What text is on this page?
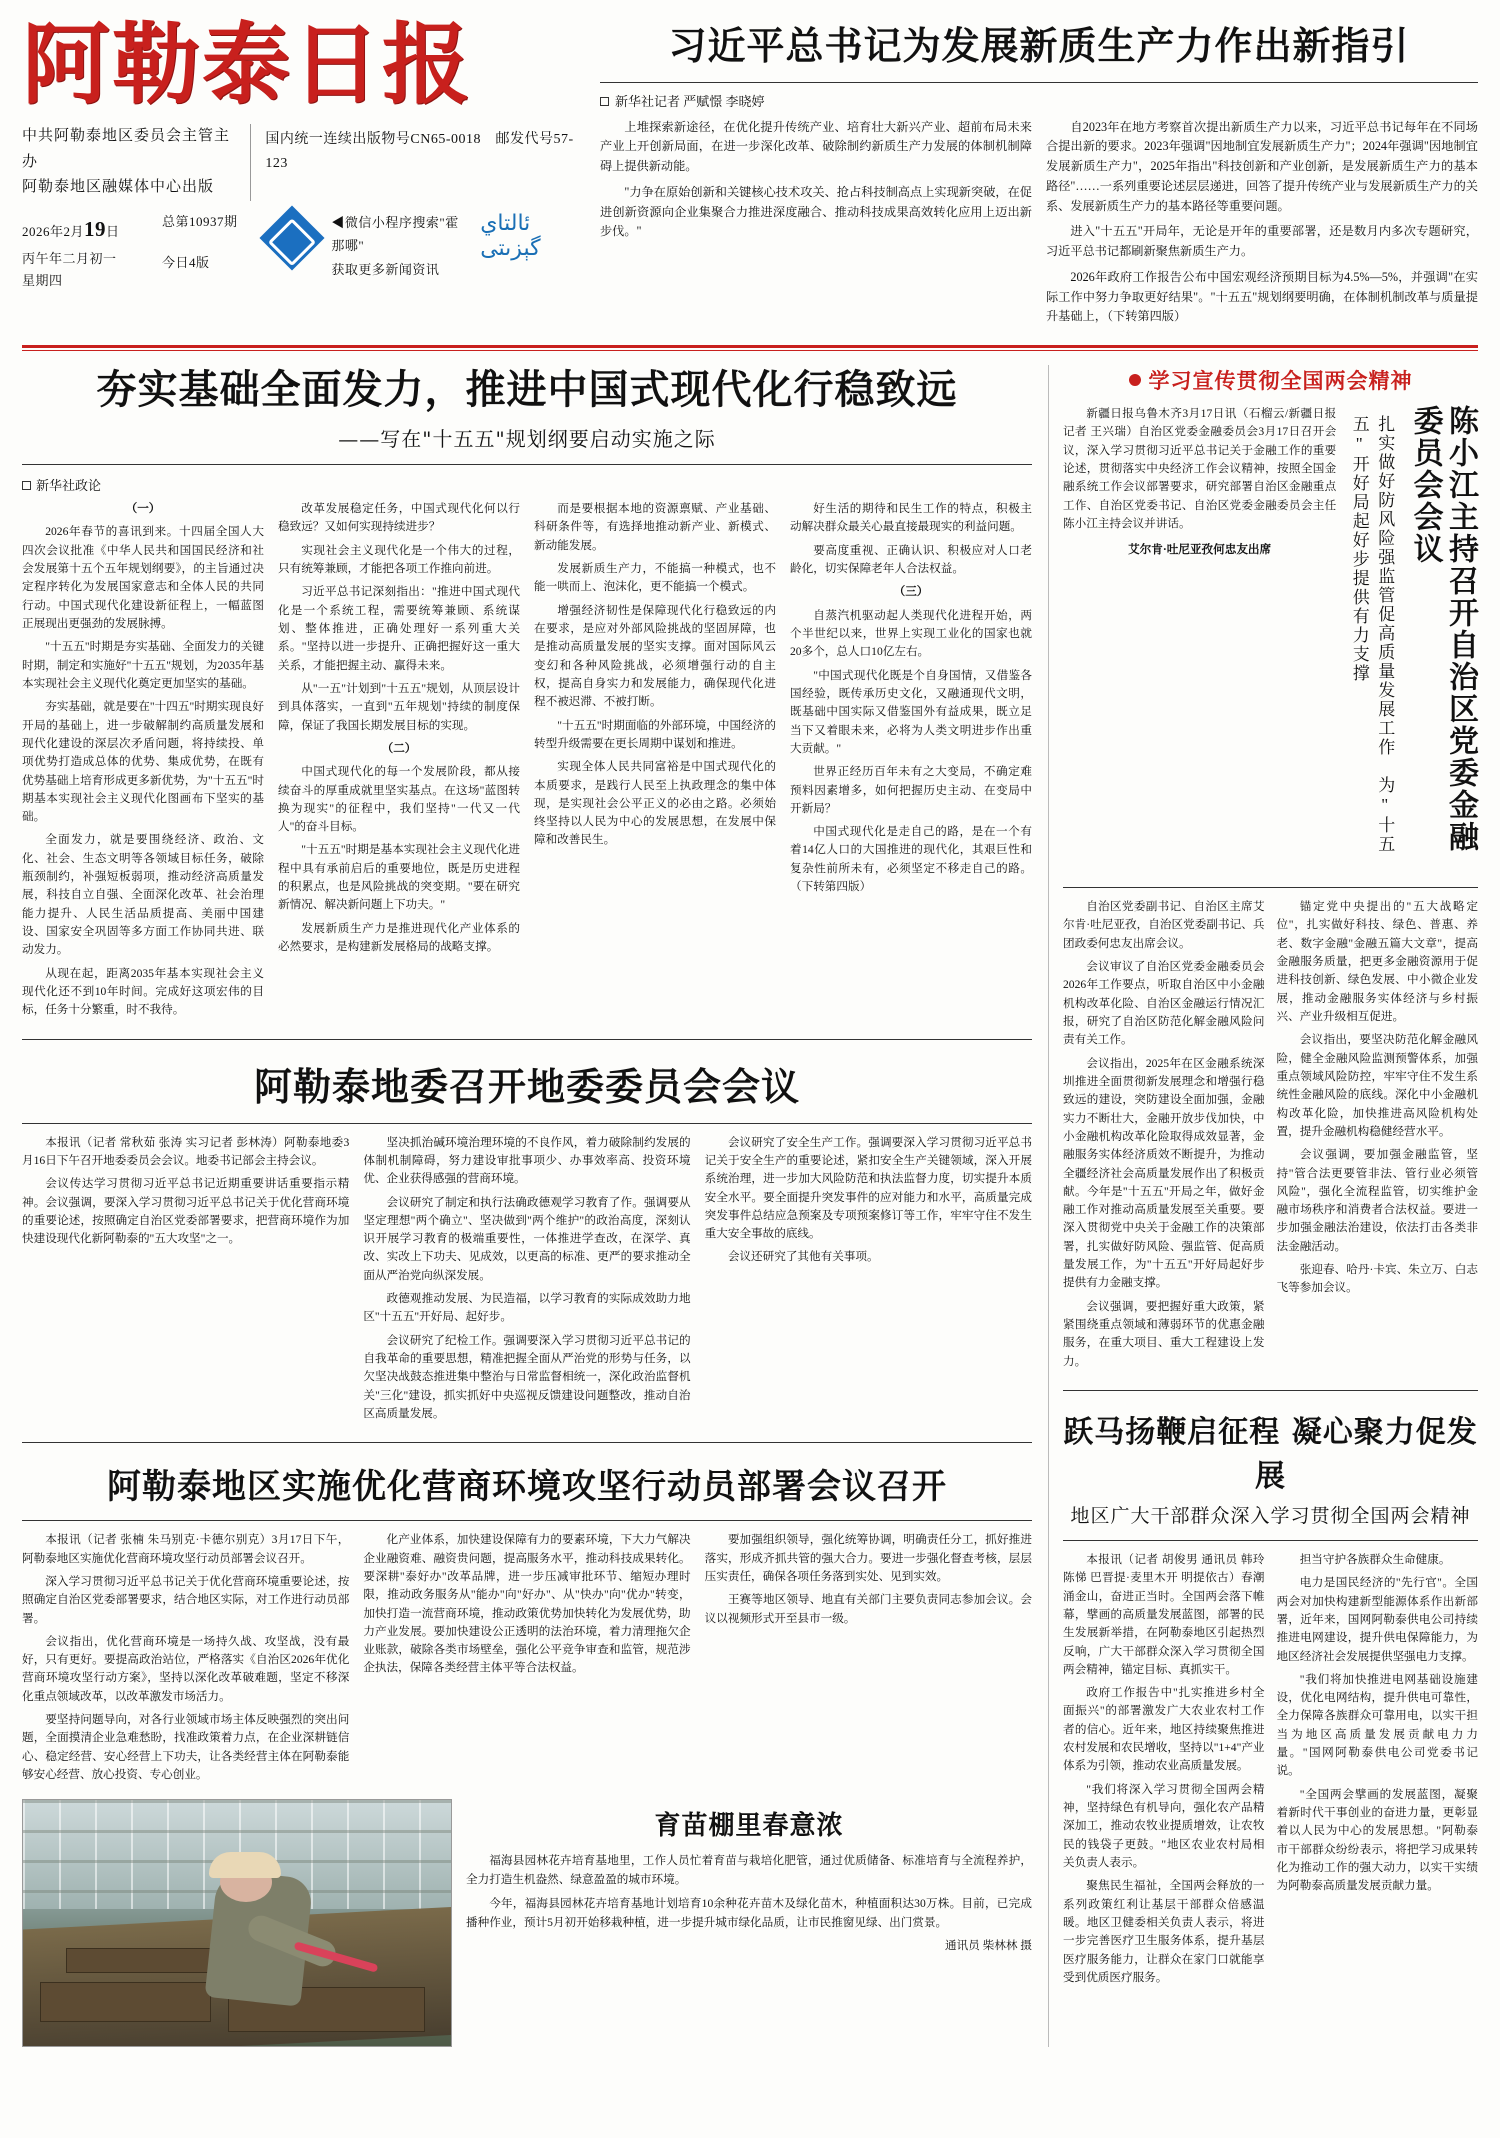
阿勒泰日报
中共阿勒泰地区委员会主管主办
阿勒泰地区融媒体中心出版
国内统一连续出版物号CN65-0018　邮发代号57-123
2026年2月19日
丙午年二月初一
星期四
总第10937期
今日4版
◀微信小程序搜索"霍那哪"
获取更多新闻资讯
ئالتاي گېزىتى
习近平总书记为发展新质生产力作出新指引
新华社记者 严赋憬 李晓婷

上堆探索新途径，在优化提升传统产业、培育壮大新兴产业、超前布局未来产业上开创新局面，在进一步深化改革、破除制约新质生产力发展的体制机制障碍上提供新动能。

"力争在原始创新和关键核心技术攻关、抢占科技制高点上实现新突破，在促进创新资源向企业集聚合力推进深度融合、推动科技成果高效转化应用上迈出新步伐。"

自2023年在地方考察首次提出新质生产力以来，习近平总书记每年在不同场合提出新的要求。2023年强调"因地制宜发展新质生产力"；2024年强调"因地制宜发展新质生产力"，2025年指出"科技创新和产业创新，是发展新质生产力的基本路径"……一系列重要论述层层递进，回答了提升传统产业与发展新质生产力的关系、发展新质生产力的基本路径等重要问题。

进入"十五五"开局年，无论是开年的重要部署，还是数月内多次专题研究，习近平总书记都刷新聚焦新质生产力。

2026年政府工作报告公布中国宏观经济预期目标为4.5%—5%，并强调"在实际工作中努力争取更好结果"。"十五五"规划纲要明确，在体制机制改革与质量提升基础上，（下转第四版）

夯实基础全面发力，推进中国式现代化行稳致远
——写在"十五五"规划纲要启动实施之际
新华社政论

（一）

2026年春节的喜讯到来。十四届全国人大四次会议批准《中华人民共和国国民经济和社会发展第十五个五年规划纲要》，的主旨通过决定程序转化为发展国家意志和全体人民的共同行动。中国式现代化建设新征程上，一幅蓝图正展现出更强劲的发展脉搏。

"十五五"时期是夯实基础、全面发力的关键时期，制定和实施好"十五五"规划，为2035年基本实现社会主义现代化奠定更加坚实的基础。

夯实基础，就是要在"十四五"时期实现良好开局的基础上，进一步破解制约高质量发展和现代化建设的深层次矛盾问题，将持续投、单项优势打造成总体的优势、集成优势，在既有优势基础上培育形成更多新优势，为"十五五"时期基本实现社会主义现代化图画布下坚实的基础。

全面发力，就是要围绕经济、政治、文化、社会、生态文明等各领域目标任务，破除瓶颈制约，补强短板弱项，推动经济高质量发展，科技自立自强、全面深化改革、社会治理能力提升、人民生活品质提高、美丽中国建设、国家安全巩固等多方面工作协同共进、联动发力。

从现在起，距离2035年基本实现社会主义现代化还不到10年时间。完成好这项宏伟的目标，任务十分繁重，时不我待。

改革发展稳定任务，中国式现代化何以行稳致远？又如何实现持续进步？

实现社会主义现代化是一个伟大的过程，只有统筹兼顾，才能把各项工作推向前进。

习近平总书记深刻指出："推进中国式现代化是一个系统工程，需要统筹兼顾、系统谋划、整体推进，正确处理好一系列重大关系。"坚持以进一步提升、正确把握好这一重大关系，才能把握主动、赢得未来。

从"一五"计划到"十五五"规划，从顶层设计到具体落实，一直到"五年规划"持续的制度保障，保证了我国长期发展目标的实现。

（二）

中国式现代化的每一个发展阶段，都从接续奋斗的厚重成就里坚实基点。在这场"蓝图转换为现实"的征程中，我们坚持"一代又一代人"的奋斗目标。

"十五五"时期是基本实现社会主义现代化进程中具有承前启后的重要地位，既是历史进程的积累点，也是风险挑战的突变期。"要在研究新情况、解决新问题上下功夫。"

发展新质生产力是推进现代化产业体系的必然要求，是构建新发展格局的战略支撑。

而是要根据本地的资源禀赋、产业基础、科研条件等，有选择地推动新产业、新模式、新动能发展。

发展新质生产力，不能搞一种模式，也不能一哄而上、泡沫化，更不能搞一个模式。

增强经济韧性是保障现代化行稳致远的内在要求，是应对外部风险挑战的坚固屏障，也是推动高质量发展的坚实支撑。面对国际风云变幻和各种风险挑战，必须增强行动的自主权，提高自身实力和发展能力，确保现代化进程不被迟滞、不被打断。

"十五五"时期面临的外部环境，中国经济的转型升级需要在更长周期中谋划和推进。

实现全体人民共同富裕是中国式现代化的本质要求，是践行人民至上执政理念的集中体现，是实现社会公平正义的必由之路。必须始终坚持以人民为中心的发展思想，在发展中保障和改善民生。

好生活的期待和民生工作的特点，积极主动解决群众最关心最直接最现实的利益问题。

要高度重视、正确认识、积极应对人口老龄化，切实保障老年人合法权益。

（三）

自蒸汽机驱动起人类现代化进程开始，两个半世纪以来，世界上实现工业化的国家也就20多个，总人口10亿左右。

"中国式现代化既是个自身国情，又借鉴各国经验，既传承历史文化，又融通现代文明，既基础中国实际又借鉴国外有益成果，既立足当下又着眼未来，必将为人类文明进步作出重大贡献。"

世界正经历百年未有之大变局，不确定难预料因素增多，如何把握历史主动、在变局中开新局？

中国式现代化是走自己的路，是在一个有着14亿人口的大国推进的现代化，其艰巨性和复杂性前所未有，必须坚定不移走自己的路。（下转第四版）

阿勒泰地委召开地委委员会会议

本报讯（记者 常秋茹 张涛 实习记者 彭林涛）阿勒泰地委3月16日下午召开地委委员会会议。地委书记部会主持会议。

会议传达学习贯彻习近平总书记近期重要讲话重要指示精神。会议强调，要深入学习贯彻习近平总书记关于优化营商环境的重要论述，按照确定自治区党委部署要求，把营商环境作为加快建设现代化新阿勒泰的"五大攻坚"之一。

坚决抓治碱环境治理环境的不良作风，着力破除制约发展的体制机制障碍，努力建设审批事项少、办事效率高、投资环境优、企业获得感强的营商环境。

会议研究了制定和执行法确政德观学习教育了作。强调要从坚定理想"两个确立"、坚决做到"两个维护"的政治高度，深刻认识开展学习教育的极端重要性，一体推进学查改，在深学、真改、实改上下功夫、见成效，以更高的标准、更严的要求推动全面从严治党向纵深发展。

政德观推动发展、为民造福，以学习教育的实际成效助力地区"十五五"开好局、起好步。

会议研究了纪检工作。强调要深入学习贯彻习近平总书记的自我革命的重要思想，精准把握全面从严治党的形势与任务，以欠坚决战鼓态推进集中整治与日常监督相统一，深化政治监督机关"三化"建设，抓实抓好中央巡视反馈建设问题整改，推动自治区高质量发展。

会议研究了安全生产工作。强调要深入学习贯彻习近平总书记关于安全生产的重要论述，紧扣安全生产关键领域，深入开展系统治理，进一步加大风险防范和执法监督力度，切实提升本质安全水平。要全面提升突发事件的应对能力和水平，高质量完成突发事件总结应急预案及专项预案修订等工作，牢牢守住不发生重大安全事故的底线。

会议还研究了其他有关事项。

阿勒泰地区实施优化营商环境攻坚行动员部署会议召开

本报讯（记者 张楠 朱马别克·卡德尔别克）3月17日下午，阿勒泰地区实施优化营商环境攻坚行动员部署会议召开。

深入学习贯彻习近平总书记关于优化营商环境重要论述，按照确定自治区党委部署要求，结合地区实际，对工作进行动员部署。

会议指出，优化营商环境是一场持久战、攻坚战，没有最好，只有更好。要提高政治站位，严格落实《自治区2026年优化营商环境攻坚行动方案》，坚持以深化改革破难题，坚定不移深化重点领域改革，以改革激发市场活力。

要坚持问题导向，对各行业领域市场主体反映强烈的突出问题，全面摸清企业急难愁盼，找准政策着力点，在企业深耕链信心、稳定经营、安心经营上下功夫，让各类经营主体在阿勒泰能够安心经营、放心投资、专心创业。

化产业体系，加快建设保障有力的要素环境，下大力气解决企业融资难、融资贵问题，提高服务水平，推动科技成果转化。要深耕"泰好办"改革品牌，进一步压减审批环节、缩短办理时限，推动政务服务从"能办"向"好办"、从"快办"向"优办"转变，加快打造一流营商环境，推动政策优势加快转化为发展优势，助力产业发展。要加快建设公正透明的法治环境，着力清理拖欠企业账款，破除各类市场壁垒，强化公平竞争审查和监管，规范涉企执法，保障各类经营主体平等合法权益。

要加强组织领导，强化统筹协调，明确责任分工，抓好推进落实，形成齐抓共管的强大合力。要进一步强化督查考核，层层压实责任，确保各项任务落到实处、见到实效。

王赛等地区领导、地直有关部门主要负责同志参加会议。会议以视频形式开至县市一级。

育苗棚里春意浓

福海县园林花卉培育基地里，工作人员忙着育苗与栽培化肥管，通过优质储备、标准培育与全流程养护，全力打造生机盎然、绿意盈盈的城市环境。

今年，福海县园林花卉培育基地计划培育10余种花卉苗木及绿化苗木，种植面积达30万株。目前，已完成播种作业，预计5月初开始移栽种植，进一步提升城市绿化品质，让市民推窗见绿、出门赏景。

通讯员 柴林林 摄
学习宣传贯彻全国两会精神
陈小江主持召开自治区党委金融委员会会议
扎实做好防风险强监管促高质量发展工作　为"十五五"开好局起好步提供有力支撑

新疆日报乌鲁木齐3月17日讯（石榴云/新疆日报记者 王兴瑞）自治区党委金融委员会3月17日召开会议，深入学习贯彻习近平总书记关于金融工作的重要论述，贯彻落实中央经济工作会议精神，按照全国金融系统工作会议部署要求，研究部署自治区金融重点工作、自治区党委书记、自治区党委金融委员会主任陈小江主持会议并讲话。

艾尔肯·吐尼亚孜何忠友出席

自治区党委副书记、自治区主席艾尔肯·吐尼亚孜，自治区党委副书记、兵团政委何忠友出席会议。

会议审议了自治区党委金融委员会2026年工作要点，听取自治区中小金融机构改革化险、自治区金融运行情况汇报，研究了自治区防范化解金融风险问责有关工作。

会议指出，2025年在区金融系统深圳推进全面贯彻新发展理念和增强行稳致远的建设，突防建设全面加强，金融实力不断壮大，金融开放步伐加快，中小金融机构改革化险取得成效显著，金融服务实体经济质效不断提升，为推动全疆经济社会高质量发展作出了积极贡献。今年是"十五五"开局之年，做好金融工作对推动高质量发展至关重要。要深入贯彻党中央关于金融工作的决策部署，扎实做好防风险、强监管、促高质量发展工作，为"十五五"开好局起好步提供有力金融支撑。

会议强调，要把握好重大政策，紧紧围绕重点领域和薄弱环节的优惠金融服务，在重大项目、重大工程建设上发力。

锚定党中央提出的"五大战略定位"，扎实做好科技、绿色、普惠、养老、数字金融"金融五篇大文章"，提高金融服务质量，把更多金融资源用于促进科技创新、绿色发展、中小微企业发展，推动金融服务实体经济与乡村振兴、产业升级相互促进。

会议指出，要坚决防范化解金融风险，健全金融风险监测预警体系，加强重点领域风险防控，牢牢守住不发生系统性金融风险的底线。深化中小金融机构改革化险，加快推进高风险机构处置，提升金融机构稳健经营水平。

会议强调，要加强金融监管，坚持"管合法更要管非法、管行业必须管风险"，强化全流程监管，切实维护金融市场秩序和消费者合法权益。要进一步加强金融法治建设，依法打击各类非法金融活动。

张迎春、哈丹·卡宾、朱立万、白志飞等参加会议。

跃马扬鞭启征程 凝心聚力促发展
地区广大干部群众深入学习贯彻全国两会精神

本报讯（记者 胡俊男 通讯员 韩玲 陈悌 巴晋提·麦里木开 明提依古）春潮涌金山，奋进正当时。全国两会落下帷幕，擘画的高质量发展蓝图，部署的民生发展新举措，在阿勒泰地区引起热烈反响，广大干部群众深入学习贯彻全国两会精神，锚定目标、真抓实干。

政府工作报告中"扎实推进乡村全面振兴"的部署激发广大农业农村工作者的信心。近年来，地区持续聚焦推进农村发展和农民增收，坚持以"1+4"产业体系为引领，推动农业高质量发展。

"我们将深入学习贯彻全国两会精神，坚持绿色有机导向，强化农产品精深加工，推动农牧业提质增效，让农牧民的钱袋子更鼓。"地区农业农村局相关负责人表示。

聚焦民生福祉，全国两会释放的一系列政策红利让基层干部群众倍感温暖。地区卫健委相关负责人表示，将进一步完善医疗卫生服务体系，提升基层医疗服务能力，让群众在家门口就能享受到优质医疗服务。

担当守护各族群众生命健康。

电力是国民经济的"先行官"。全国两会对加快构建新型能源体系作出新部署，近年来，国网阿勒泰供电公司持续推进电网建设，提升供电保障能力，为地区经济社会发展提供坚强电力支撑。

"我们将加快推进电网基础设施建设，优化电网结构，提升供电可靠性，全力保障各族群众可靠用电，以实干担当为地区高质量发展贡献电力力量。"国网阿勒泰供电公司党委书记说。

"全国两会擘画的发展蓝图，凝聚着新时代干事创业的奋进力量，更彰显着以人民为中心的发展思想。"阿勒泰市干部群众纷纷表示，将把学习成果转化为推动工作的强大动力，以实干实绩为阿勒泰高质量发展贡献力量。
